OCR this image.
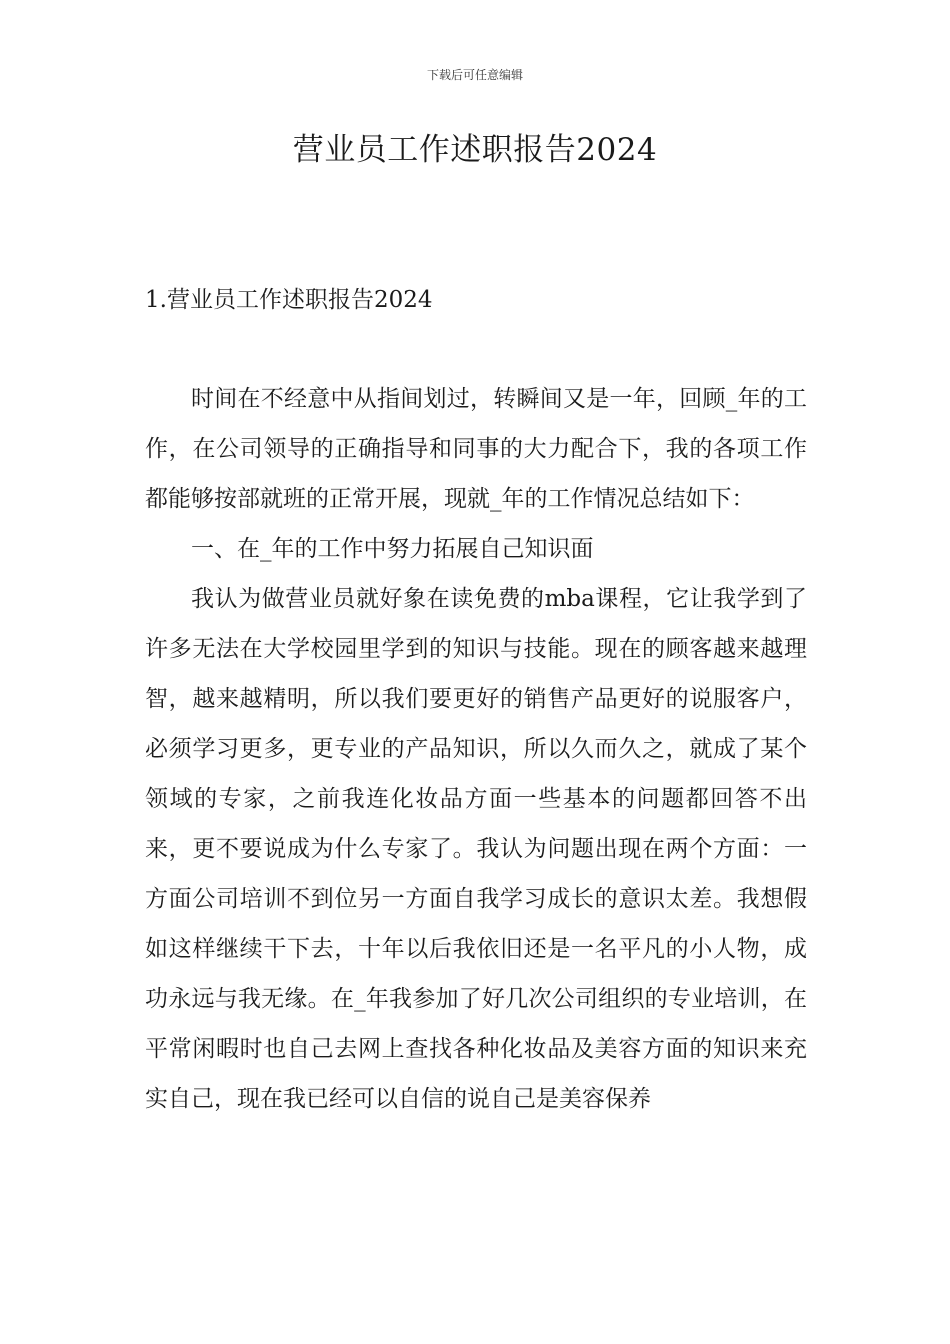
下载后可任意编辑
营业员工作述职报告2024
1.营业员工作述职报告2024

时间在不经意中从指间划过，转瞬间又是一年，回顾_年的工作，在公司领导的正确指导和同事的大力配合下，我的各项工作都能够按部就班的正常开展，现就_年的工作情况总结如下：

一、在_年的工作中努力拓展自己知识面

我认为做营业员就好象在读免费的mba课程，它让我学到了许多无法在大学校园里学到的知识与技能。现在的顾客越来越理智，越来越精明，所以我们要更好的销售产品更好的说服客户，必须学习更多，更专业的产品知识，所以久而久之，就成了某个领域的专家，之前我连化妆品方面一些基本的问题都回答不出来，更不要说成为什么专家了。我认为问题出现在两个方面：一方面公司培训不到位另一方面自我学习成长的意识太差。我想假如这样继续干下去，十年以后我依旧还是一名平凡的小人物，成功永远与我无缘。在_年我参加了好几次公司组织的专业培训，在平常闲暇时也自己去网上查找各种化妆品及美容方面的知识来充实自己，现在我已经可以自信的说自己是美容保养
